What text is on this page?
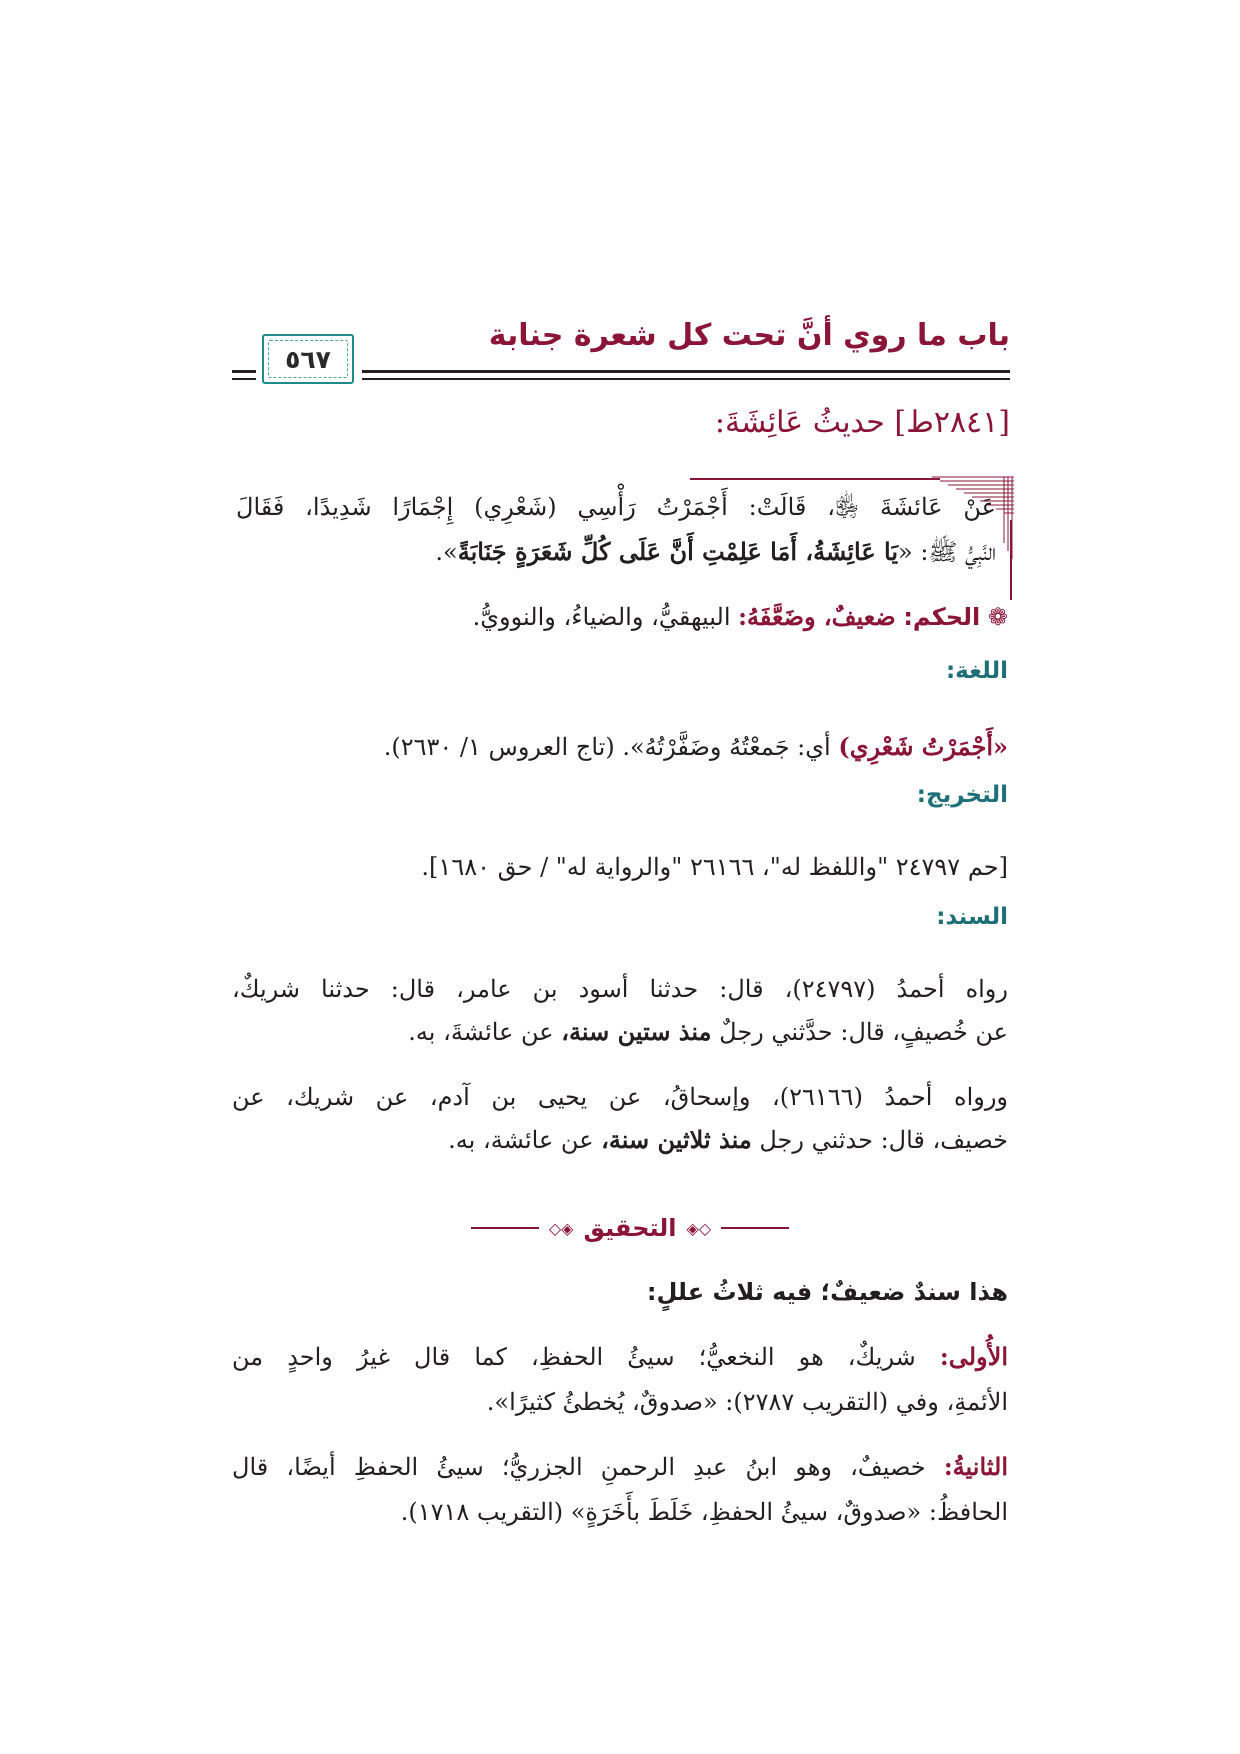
باب ما روي أنَّ تحت كل شعرة جنابة
٥٦٧
[٢٨٤١ط] حديثُ عَائِشَةَ:
عَنْ عَائشَةَ ﵂، قَالَتْ: أَجْمَرْتُ رَأْسِي (شَعْرِي) إِجْمَارًا شَدِيدًا، فَقَالَ
النَّبِيُّ ﷺ: «يَا عَائِشَةُ، أَمَا عَلِمْتِ أَنَّ عَلَى كُلِّ شَعَرَةٍ جَنَابَةً».
❁ الحكم: ضعيفٌ، وضَعَّفَهُ: البيهقيُّ، والضياءُ، والنوويُّ.
اللغة:
«أَجْمَرْتُ شَعْرِي) أي: جَمعْتُهُ وضَفَّرْتُهُ». (تاج العروس ١/ ٢٦٣٠).
التخريج:
[حم ٢٤٧٩٧ "واللفظ له"، ٢٦١٦٦ "والرواية له" / حق ١٦٨٠].
السند:
رواه أحمدُ (٢٤٧٩٧)، قال: حدثنا أسود بن عامر، قال: حدثنا شريكٌ،
عن خُصيفٍ، قال: حدَّثني رجلٌ منذ ستين سنة، عن عائشةَ، به.
ورواه أحمدُ (٢٦١٦٦)، وإسحاقُ، عن يحيى بن آدم، عن شريك، عن
خصيف، قال: حدثني رجل منذ ثلاثين سنة، عن عائشة، به.
◇◈
التحقيق
◈◇
هذا سندٌ ضعيفٌ؛ فيه ثلاثُ عللٍ:
الأُولى: شريكٌ، هو النخعيُّ؛ سيئُ الحفظِ، كما قال غيرُ واحدٍ من
الأئمةِ، وفي (التقريب ٢٧٨٧): «صدوقٌ، يُخطئُ كثيرًا».
الثانيةُ: خصيفٌ، وهو ابنُ عبدِ الرحمنِ الجزريُّ؛ سيئُ الحفظِ أيضًا، قال
الحافظُ: «صدوقٌ، سيئُ الحفظِ، خَلَطَ بأَخَرَةٍ» (التقريب ١٧١٨).
